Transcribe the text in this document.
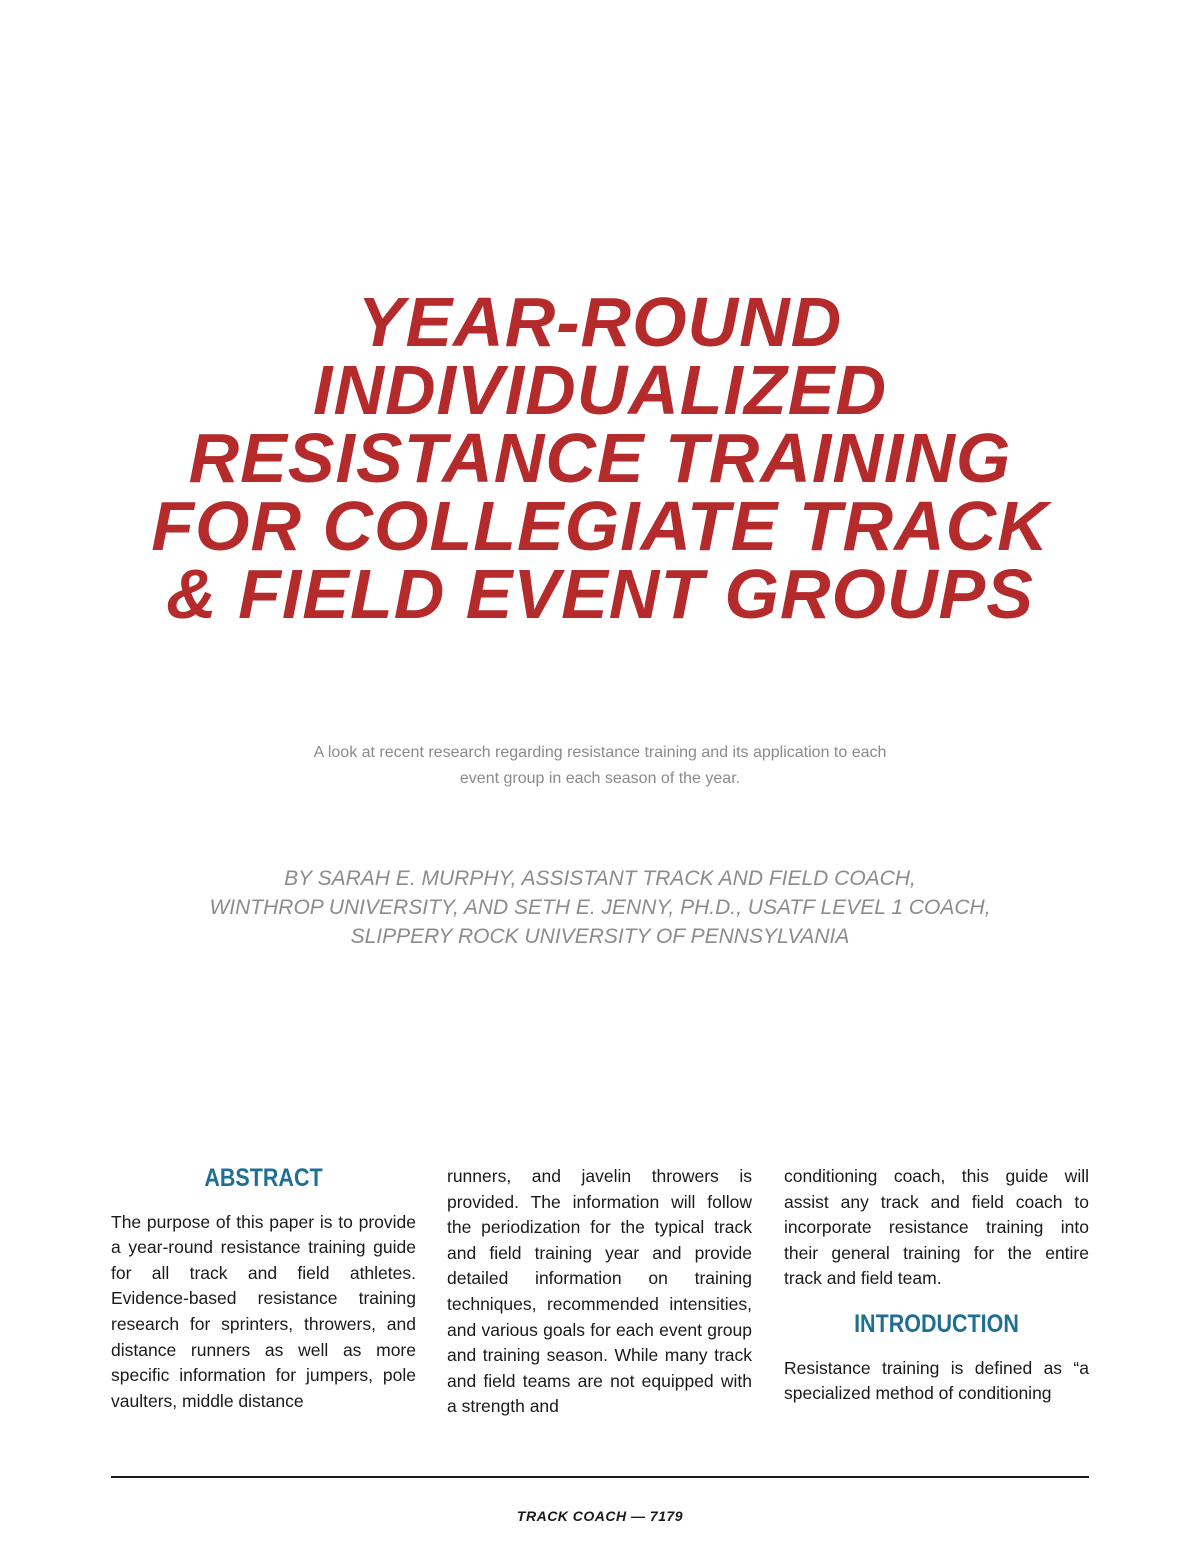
YEAR-ROUND
INDIVIDUALIZED
RESISTANCE TRAINING
FOR COLLEGIATE TRACK
& FIELD EVENT GROUPS
A look at recent research regarding resistance training and its application to each
event group in each season of the year.
BY SARAH E. MURPHY, ASSISTANT TRACK AND FIELD COACH,
WINTHROP UNIVERSITY, AND SETH E. JENNY, PH.D., USATF LEVEL 1 COACH,
SLIPPERY ROCK UNIVERSITY OF PENNSYLVANIA
ABSTRACT

The purpose of this paper is to provide a year-round resistance training guide for all track and field athletes. Evidence-based resistance training research for sprinters, throwers, and distance runners as well as more specific information for jumpers, pole vaulters, middle distance

runners, and javelin throwers is provided. The information will follow the periodization for the typical track and field training year and provide detailed information on training techniques, recommended intensities, and various goals for each event group and training season. While many track and field teams are not equipped with a strength and

conditioning coach, this guide will assist any track and field coach to incorporate resistance training into their general training for the entire track and field team.

INTRODUCTION

Resistance training is defined as “a specialized method of conditioning

TRACK COACH — 7179
